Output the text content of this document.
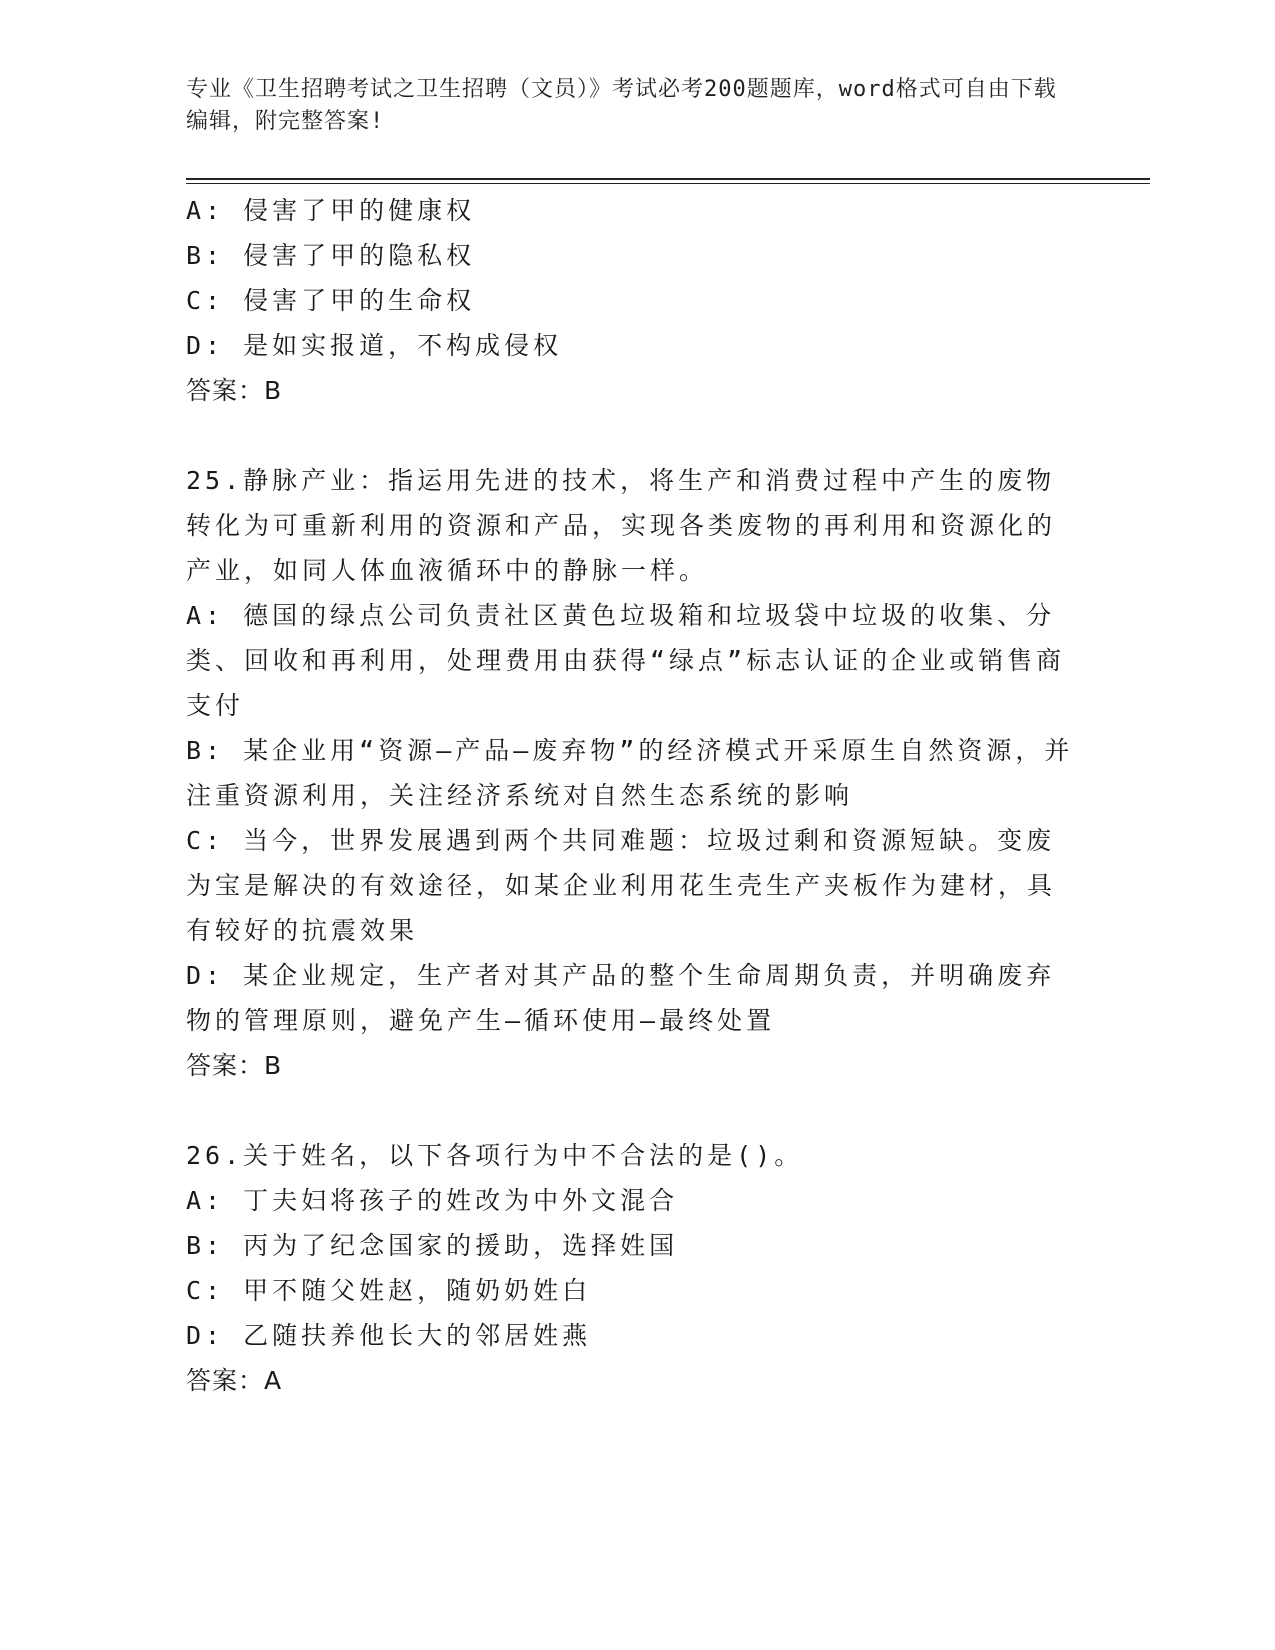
专业《卫生招聘考试之卫生招聘（文员）》考试必考200题题库，word格式可自由下载编辑，附完整答案!

A: 侵害了甲的健康权

B: 侵害了甲的隐私权

C: 侵害了甲的生命权

D: 是如实报道，不构成侵权

答案：B

25.静脉产业：指运用先进的技术，将生产和消费过程中产生的废物转化为可重新利用的资源和产品，实现各类废物的再利用和资源化的产业，如同人体血液循环中的静脉一样。

A: 德国的绿点公司负责社区黄色垃圾箱和垃圾袋中垃圾的收集、分类、回收和再利用，处理费用由获得“绿点”标志认证的企业或销售商支付

B: 某企业用“资源—产品—废弃物”的经济模式开采原生自然资源，并注重资源利用，关注经济系统对自然生态系统的影响

C: 当今，世界发展遇到两个共同难题：垃圾过剩和资源短缺。变废为宝是解决的有效途径，如某企业利用花生壳生产夹板作为建材，具有较好的抗震效果

D: 某企业规定，生产者对其产品的整个生命周期负责，并明确废弃物的管理原则，避免产生—循环使用—最终处置

答案：B

26.关于姓名，以下各项行为中不合法的是()。

A: 丁夫妇将孩子的姓改为中外文混合

B: 丙为了纪念国家的援助，选择姓国

C: 甲不随父姓赵，随奶奶姓白

D: 乙随扶养他长大的邻居姓燕

答案：A
